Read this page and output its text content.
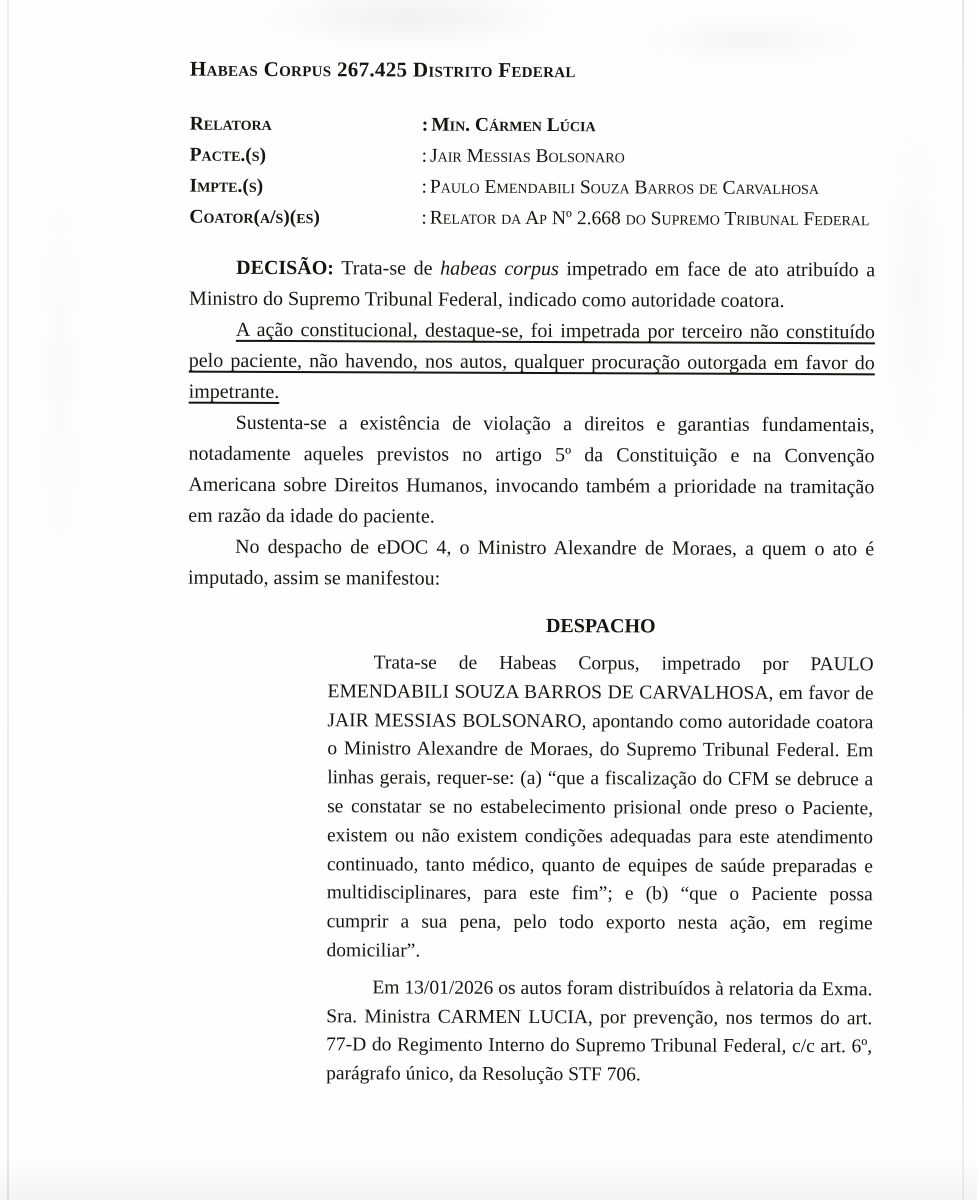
Habeas Corpus 267.425 Distrito Federal
Relatora	: Min. Cármen Lúcia
Pacte.(s)	: Jair Messias Bolsonaro
Impte.(s)	: Paulo Emendabili Souza Barros de Carvalhosa
Coator(a/s)(es)	: Relator da Ap Nº 2.668 do Supremo Tribunal Federal

DECISÃO: Trata-se de habeas corpus impetrado em face de ato atribuído a Ministro do Supremo Tribunal Federal, indicado como autoridade coatora.

A ação constitucional, destaque-se, foi impetrada por terceiro não constituído pelo paciente, não havendo, nos autos, qualquer procuração outorgada em favor do impetrante.

Sustenta-se a existência de violação a direitos e garantias fundamentais, notadamente aqueles previstos no artigo 5º da Constituição e na Convenção Americana sobre Direitos Humanos, invocando também a prioridade na tramitação em razão da idade do paciente.

No despacho de eDOC 4, o Ministro Alexandre de Moraes, a quem o ato é imputado, assim se manifestou:

DESPACHO

Trata-se de Habeas Corpus, impetrado por PAULO EMENDABILI SOUZA BARROS DE CARVALHOSA, em favor de JAIR MESSIAS BOLSONARO, apontando como autoridade coatora o Ministro Alexandre de Moraes, do Supremo Tribunal Federal. Em linhas gerais, requer-se: (a) “que a fiscalização do CFM se debruce a se constatar se no estabelecimento prisional onde preso o Paciente, existem ou não existem condições adequadas para este atendimento continuado, tanto médico, quanto de equipes de saúde preparadas e multidisciplinares, para este fim”; e (b) “que o Paciente possa cumprir a sua pena, pelo todo exporto nesta ação, em regime domiciliar”.

Em 13/01/2026 os autos foram distribuídos à relatoria da Exma. Sra. Ministra CARMEN LUCIA, por prevenção, nos termos do art. 77-D do Regimento Interno do Supremo Tribunal Federal, c/c art. 6º, parágrafo único, da Resolução STF 706.
